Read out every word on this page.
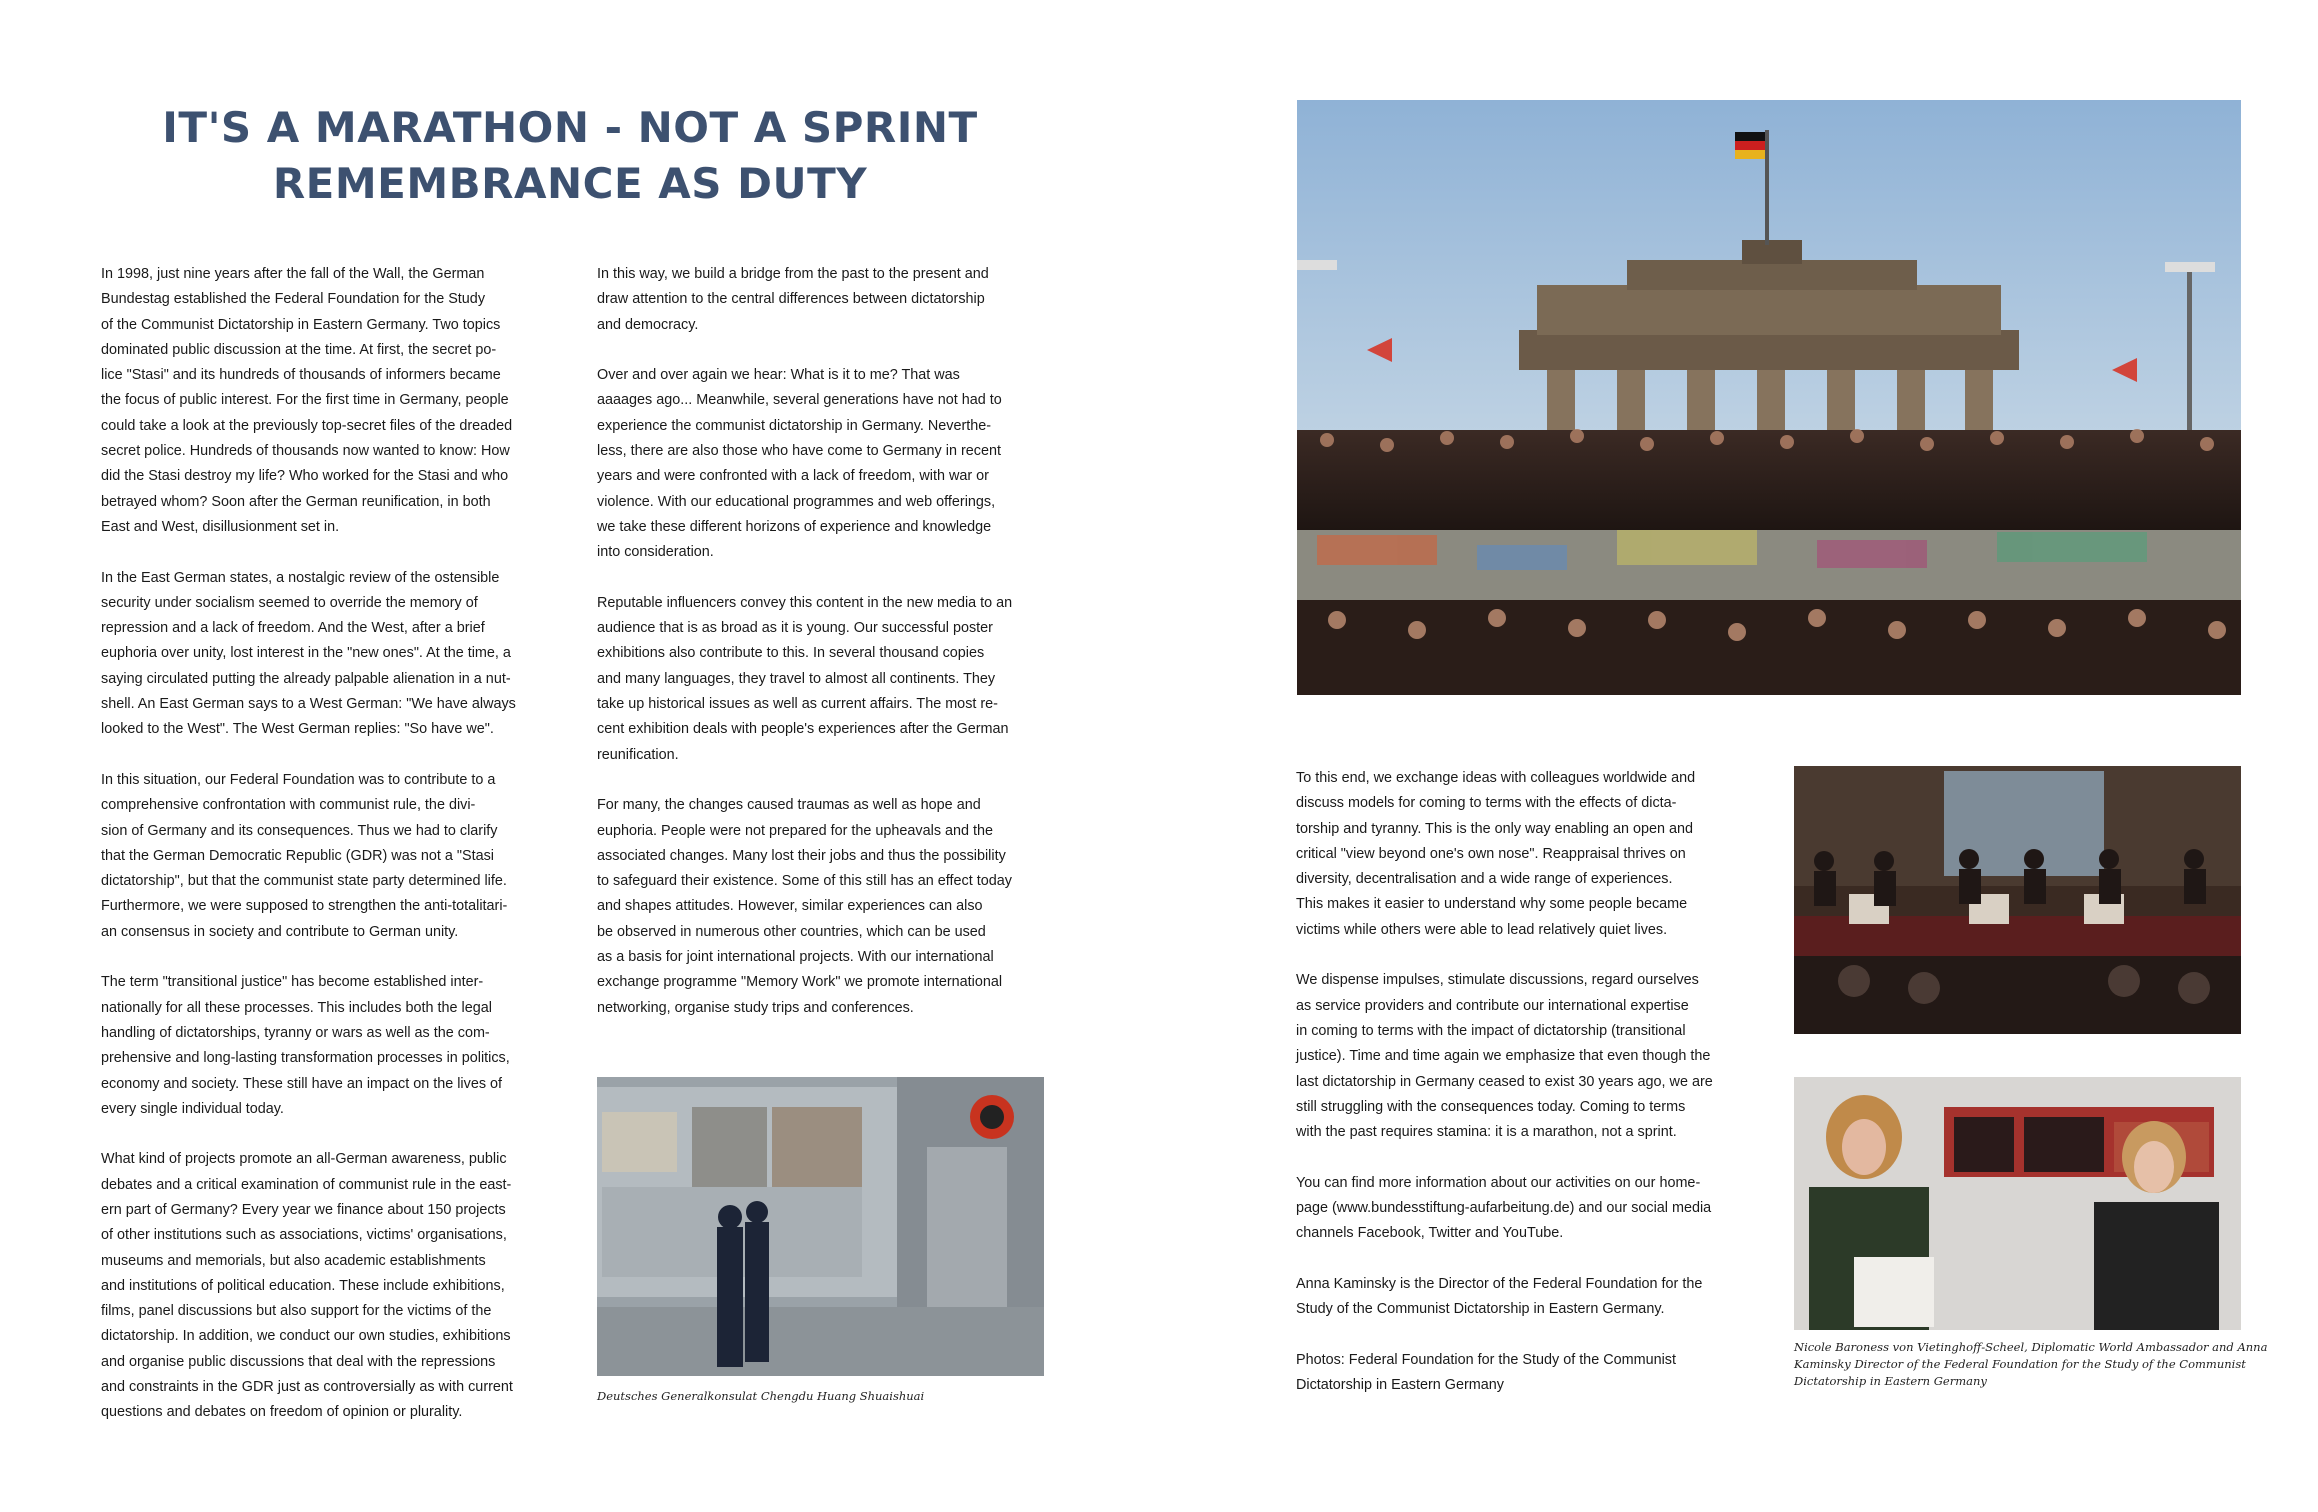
IT'S A MARATHON - NOT A SPRINT
REMEMBRANCE AS DUTY

In 1998, just nine years after the fall of the Wall, the German
Bundestag established the Federal Foundation for the Study
of the Communist Dictatorship in Eastern Germany. Two topics
dominated public discussion at the time. At first, the secret po-
lice "Stasi" and its hundreds of thousands of informers became
the focus of public interest. For the first time in Germany, people
could take a look at the previously top-secret files of the dreaded
secret police. Hundreds of thousands now wanted to know: How
did the Stasi destroy my life? Who worked for the Stasi and who
betrayed whom? Soon after the German reunification, in both
East and West, disillusionment set in.

In the East German states, a nostalgic review of the ostensible
security under socialism seemed to override the memory of
repression and a lack of freedom. And the West, after a brief
euphoria over unity, lost interest in the "new ones". At the time, a
saying circulated putting the already palpable alienation in a nut-
shell. An East German says to a West German: "We have always
looked to the West". The West German replies: "So have we".

In this situation, our Federal Foundation was to contribute to a
comprehensive confrontation with communist rule, the divi-
sion of Germany and its consequences. Thus we had to clarify
that the German Democratic Republic (GDR) was not a "Stasi
dictatorship", but that the communist state party determined life.
Furthermore, we were supposed to strengthen the anti-totalitari-
an consensus in society and contribute to German unity.

The term "transitional justice" has become established inter-
nationally for all these processes. This includes both the legal
handling of dictatorships, tyranny or wars as well as the com-
prehensive and long-lasting transformation processes in politics,
economy and society. These still have an impact on the lives of
every single individual today.

What kind of projects promote an all-German awareness, public
debates and a critical examination of communist rule in the east-
ern part of Germany? Every year we finance about 150 projects
of other institutions such as associations, victims' organisations,
museums and memorials, but also academic establishments
and institutions of political education. These include exhibitions,
films, panel discussions but also support for the victims of the
dictatorship. In addition, we conduct our own studies, exhibitions
and organise public discussions that deal with the repressions
and constraints in the GDR just as controversially as with current
questions and debates on freedom of opinion or plurality.

In this way, we build a bridge from the past to the present and
draw attention to the central differences between dictatorship
and democracy.

Over and over again we hear: What is it to me? That was
aaaages ago... Meanwhile, several generations have not had to
experience the communist dictatorship in Germany. Neverthe-
less, there are also those who have come to Germany in recent
years and were confronted with a lack of freedom, with war or
violence. With our educational programmes and web offerings,
we take these different horizons of experience and knowledge
into consideration.

Reputable influencers convey this content in the new media to an
audience that is as broad as it is young. Our successful poster
exhibitions also contribute to this. In several thousand copies
and many languages, they travel to almost all continents. They
take up historical issues as well as current affairs. The most re-
cent exhibition deals with people's experiences after the German
reunification.

For many, the changes caused traumas as well as hope and
euphoria. People were not prepared for the upheavals and the
associated changes. Many lost their jobs and thus the possibility
to safeguard their existence. Some of this still has an effect today
and shapes attitudes. However, similar experiences can also
be observed in numerous other countries, which can be used
as a basis for joint international projects. With our international
exchange programme "Memory Work" we promote international
networking, organise study trips and conferences.

To this end, we exchange ideas with colleagues worldwide and
discuss models for coming to terms with the effects of dicta-
torship and tyranny. This is the only way enabling an open and
critical "view beyond one's own nose". Reappraisal thrives on
diversity, decentralisation and a wide range of experiences.
This makes it easier to understand why some people became
victims while others were able to lead relatively quiet lives.

We dispense impulses, stimulate discussions, regard ourselves
as service providers and contribute our international expertise
in coming to terms with the impact of dictatorship (transitional
justice). Time and time again we emphasize that even though the
last dictatorship in Germany ceased to exist 30 years ago, we are
still struggling with the consequences today. Coming to terms
with the past requires stamina: it is a marathon, not a sprint.

You can find more information about our activities on our home-
page (www.bundesstiftung-aufarbeitung.de) and our social media
channels Facebook, Twitter and YouTube.

Anna Kaminsky is the Director of the Federal Foundation for the
Study of the Communist Dictatorship in Eastern Germany.

Photos: Federal Foundation for the Study of the Communist
Dictatorship in Eastern Germany

Deutsches Generalkonsulat Chengdu Huang Shuaishuai
Nicole Baroness von Vietinghoff-Scheel, Diplomatic World Ambassador and Anna
Kaminsky Director of the Federal Foundation for the Study of the Communist
Dictatorship in Eastern Germany
